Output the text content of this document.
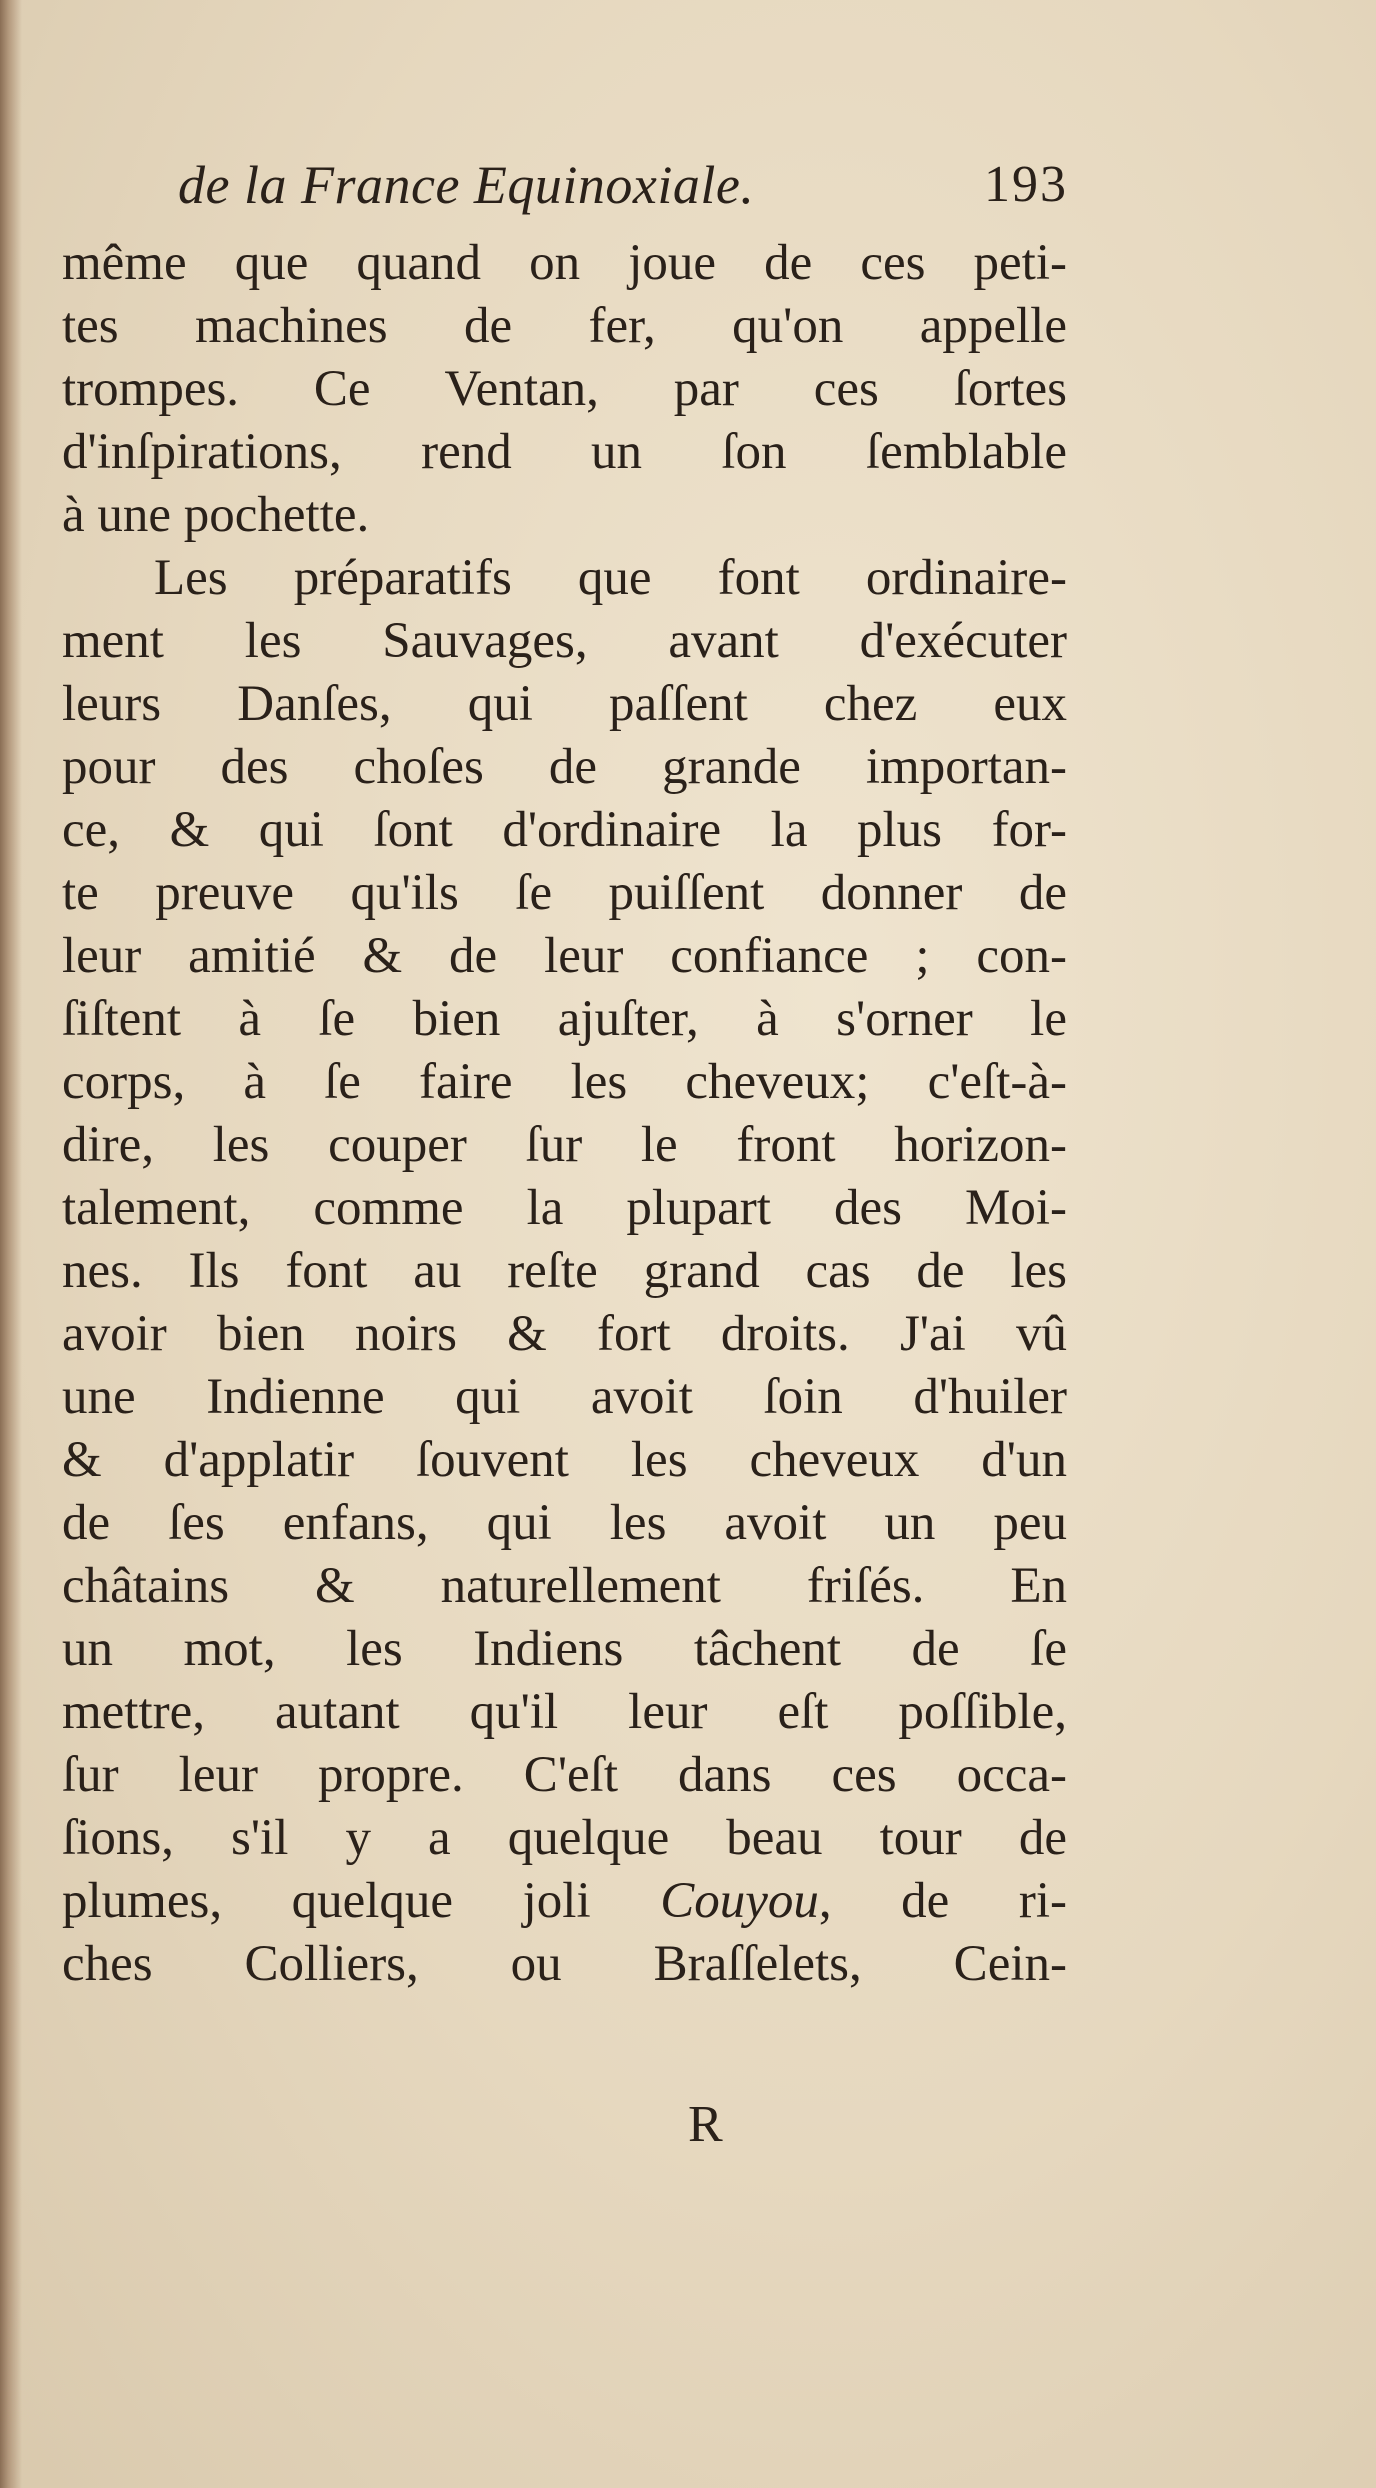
de la France Equinoxiale.	193
même que quand on joue de ces peti-
tes machines de fer, qu'on appelle
trompes. Ce Ventan, par ces ſortes
d'inſpirations, rend un ſon ſemblable
à une pochette.
Les préparatifs que font ordinaire-
ment les Sauvages, avant d'exécuter
leurs Danſes, qui paſſent chez eux
pour des choſes de grande importan-
ce, & qui ſont d'ordinaire la plus for-
te preuve qu'ils ſe puiſſent donner de
leur amitié & de leur confiance ; con-
ſiſtent à ſe bien ajuſter, à s'orner le
corps, à ſe faire les cheveux; c'eſt-à-
dire, les couper ſur le front horizon-
talement, comme la plupart des Moi-
nes. Ils font au reſte grand cas de les
avoir bien noirs & fort droits. J'ai vû
une Indienne qui avoit ſoin d'huiler
& d'applatir ſouvent les cheveux d'un
de ſes enfans, qui les avoit un peu
châtains & naturellement friſés. En
un mot, les Indiens tâchent de ſe
mettre, autant qu'il leur eſt poſſible,
ſur leur propre. C'eſt dans ces occa-
ſions, s'il y a quelque beau tour de
plumes, quelque joli Couyou, de ri-
ches Colliers, ou Braſſelets, Cein-
R
